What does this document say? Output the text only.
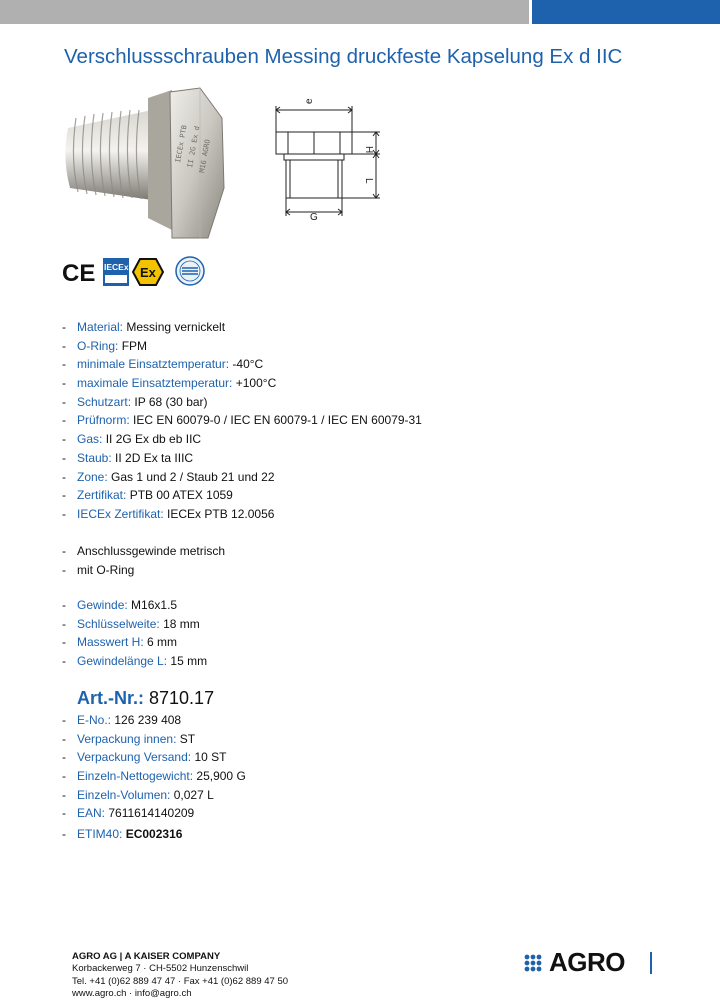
Verschlussschrauben Messing druckfeste Kapselung Ex d IIC
IECEx PTB
II 2G Ex d
M16 AGRO
e
H
L
G
CE IECEx Ex
- Material: Messing vernickelt
- O-Ring: FPM
- minimale Einsatztemperatur: -40°C
- maximale Einsatztemperatur: +100°C
- Schutzart: IP 68 (30 bar)
- Prüfnorm: IEC EN 60079-0 / IEC EN 60079-1 / IEC EN 60079-31
- Gas: II 2G Ex db eb IIC
- Staub: II 2D Ex ta IIIC
- Zone: Gas 1 und 2 / Staub 21 und 22
- Zertifikat: PTB 00 ATEX 1059
- IECEx Zertifikat: IECEx PTB 12.0056
- Anschlussgewinde metrisch
- mit O-Ring
- Gewinde: M16x1.5
- Schlüsselweite: 18 mm
- Masswert H: 6 mm
- Gewindelänge L: 15 mm
Art.-Nr.: 8710.17
- E-No.: 126 239 408
- Verpackung innen: ST
- Verpackung Versand: 10 ST
- Einzeln-Nettogewicht: 25,900 G
- Einzeln-Volumen: 0,027 L
- EAN: 7611614140209
- ETIM40: EC002316
AGRO AG | A KAISER COMPANY
Korbackerweg 7 · CH-5502 Hunzenschwil
Tel. +41 (0)62 889 47 47 · Fax +41 (0)62 889 47 50
www.agro.ch · info@agro.ch
AGRO
